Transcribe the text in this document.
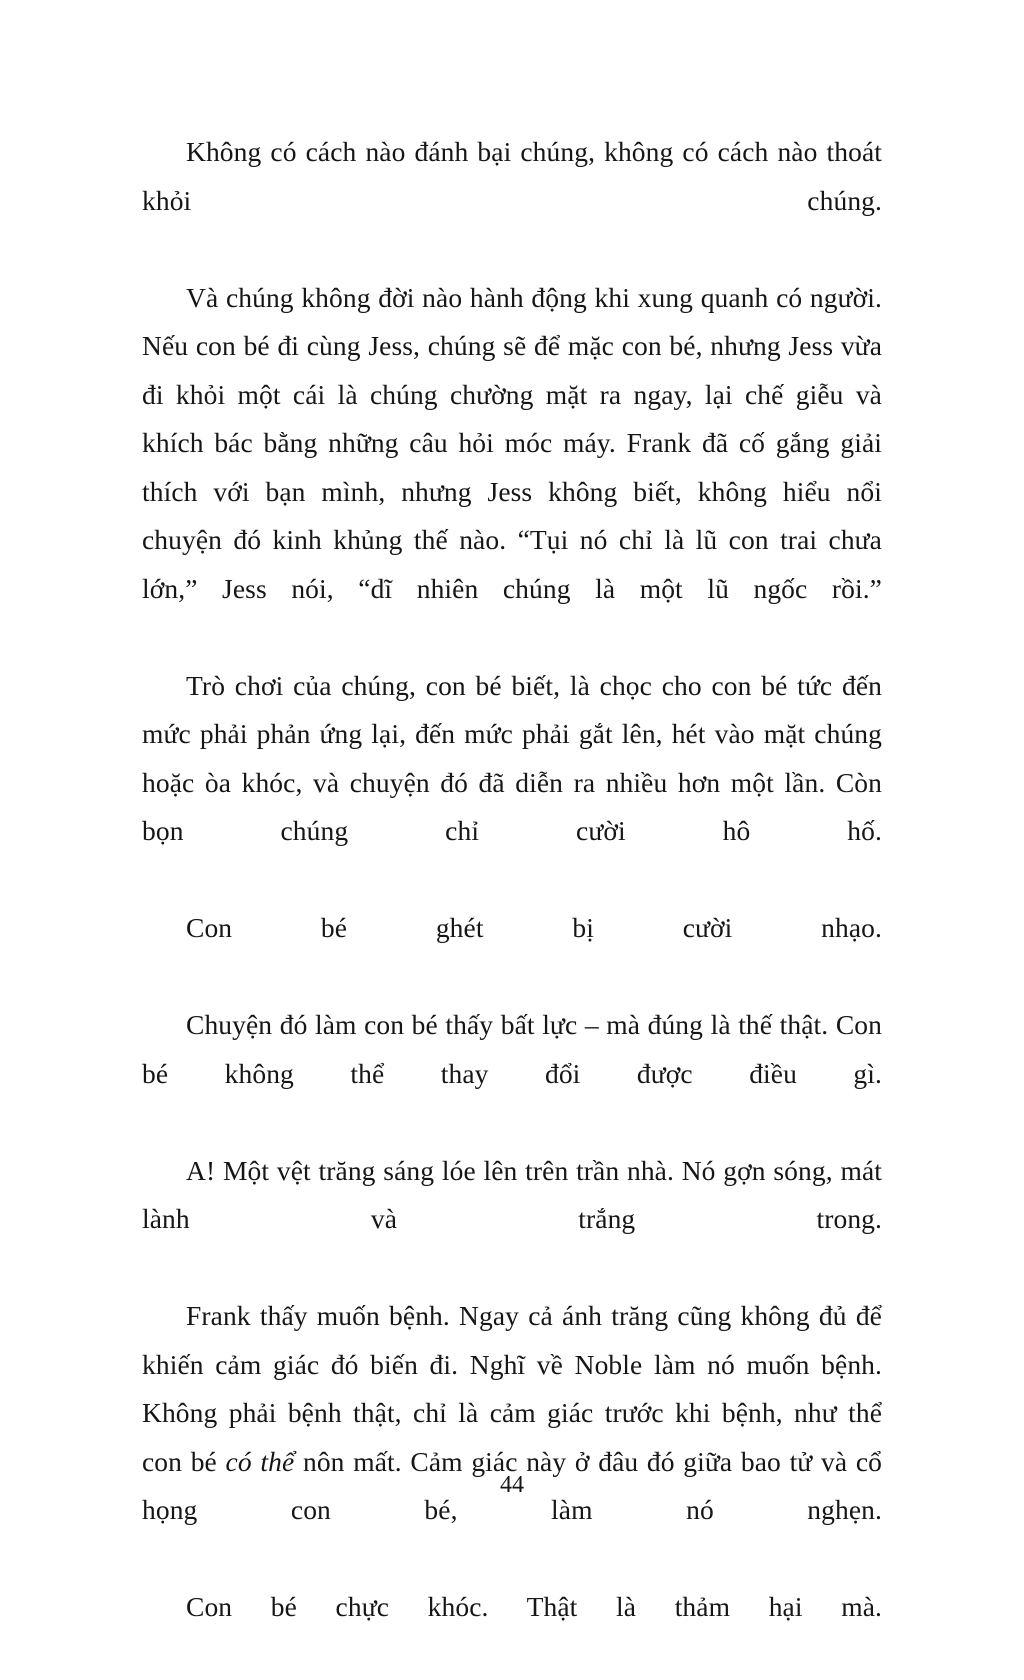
Không có cách nào đánh bại chúng, không có cách nào thoát khỏi chúng.

Và chúng không đời nào hành động khi xung quanh có người. Nếu con bé đi cùng Jess, chúng sẽ để mặc con bé, nhưng Jess vừa đi khỏi một cái là chúng chường mặt ra ngay, lại chế giễu và khích bác bằng những câu hỏi móc máy. Frank đã cố gắng giải thích với bạn mình, nhưng Jess không biết, không hiểu nổi chuyện đó kinh khủng thế nào. “Tụi nó chỉ là lũ con trai chưa lớn,” Jess nói, “dĩ nhiên chúng là một lũ ngốc rồi.”

Trò chơi của chúng, con bé biết, là chọc cho con bé tức đến mức phải phản ứng lại, đến mức phải gắt lên, hét vào mặt chúng hoặc òa khóc, và chuyện đó đã diễn ra nhiều hơn một lần. Còn bọn chúng chỉ cười hô hố.

Con bé ghét bị cười nhạo.

Chuyện đó làm con bé thấy bất lực – mà đúng là thế thật. Con bé không thể thay đổi được điều gì.

A! Một vệt trăng sáng lóe lên trên trần nhà. Nó gợn sóng, mát lành và trắng trong.

Frank thấy muốn bệnh. Ngay cả ánh trăng cũng không đủ để khiến cảm giác đó biến đi. Nghĩ về Noble làm nó muốn bệnh. Không phải bệnh thật, chỉ là cảm giác trước khi bệnh, như thể con bé có thể nôn mất. Cảm giác này ở đâu đó giữa bao tử và cổ họng con bé, làm nó nghẹn.

Con bé chực khóc. Thật là thảm hại mà.

44
